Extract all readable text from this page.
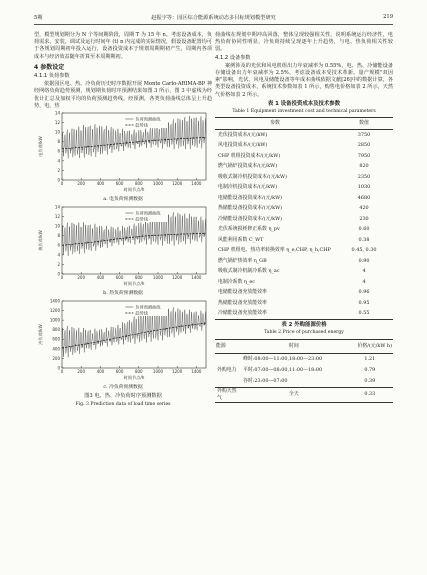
5期	赵振宇等：园区综合能源系统动态多目标规划模型研究	219

型，模型规划期分为 N 个等间期阶段，周期 T 为 15 年 n。考虑设备成本，负荷需求，安装，调试及运行时间年 (t) n 内完成的实际情况，假设设备配置均可于各规划周期初年投入运行，设备投资成本于规划周期期初产生，周期内各项成本与经济效益随年折算至本周期期初。

4 参数设定
4.1.1 负荷参数

依据园区电、热、冷负荷历史时序数据开展 Monte Carlo-ARIMA-BP 神经网络负荷趋势预测，规划期负荷时序预测结果如图 3 所示，图 3 中虚线为经优计汇总及加权平均的负荷预测趋势线。经预测，各类负荷曲线总体呈上升趋势，电、热

0
2
4
6
8
10
12
14
0	200	400	600	800	1000 1200 1400
时间节点/h
电负荷/kW
负荷预测曲线
趋势线
a. 电负荷预测数据
0
2
4
6
8
10
12
14
0	200	400	600	800	1000 1200 1400
时间节点/h
热负荷/kW
负荷预测曲线
趋势线
b. 热负荷预测数据
0
200
400
600
800
1000
1200
1400
0	200	400	600	800	1000 1200 1400
时间节点/h
冷负荷/kW
负荷预测曲线
趋势线
c. 冷负荷预测数据
图3 电、热、冷负荷时序预测数据
Fig. 3 Prediction data of load time series

荷曲线在规划中期冲高回落，整体呈现较强相关性，说明系统运行经济性，电热负荷协同性明显，冷负荷持续呈现逐年上升趋势，与电、热负荷相关性较弱。

4.1.2 设备参数

案例涉及的光伏和风电机组出力年衰减率为 0.55%，电、热、冷储能设备存储设备出力年衰减率为 2.5%。考虑设备成本受技术革新、量产规模"双因素"影响，光伏、风电及储能设备等年成本曲线依据文献[26]中的数据计算，各类型设备投资成本，系统技术参数如表 1 所示，购售电价格如表 2 所示，天然气价格如表 2 所示。

表 1 设备投资成本及技术参数
Table 1 Equipment investment cost and technical parameters
参数	数值
光伏投资成本/(元/kW)	3750
风电投资成本/(元/kW)	2850
CHP 机组投资成本/(元/kW)	7950
燃气锅炉投资成本/(元/kW)	820
吸收式制冷机投资成本/(元/kW)	2350
电制冷机投资成本/(元/kW)	1030
电储能设备投资成本/(元/kW)	4680
热储能设备投资成本/(元/kW)	420
冷储能设备投资成本/(元/kW)	230
光伏系统损耗修正系数 η_pv	0.60
风能利用系数 C_WT	0.38
CHP 机组电、热功率转换效率 η_e,CHP, η_h,CHP	0.45, 0.30
燃气锅炉热效率 η_GB	0.90
吸收式制冷机制冷系数 η_ac	4
电制冷系数 η_ec	4
电储能设备充放能效率	0.96
热储能设备充放能效率	0.95
冷储能设备充放能效率	0.55
表 2 外购能源价格
Table 2 Price of purchased energy
能源	时间	价格/(元/kW h)
外购电力	峰时:08:00—11:00,18:00—23:00	1.21
	平时:07:00—08:00,11:00—18:00	0.79
	谷时:23:00—07:00	0.39
外购天然气	全天	0.33
